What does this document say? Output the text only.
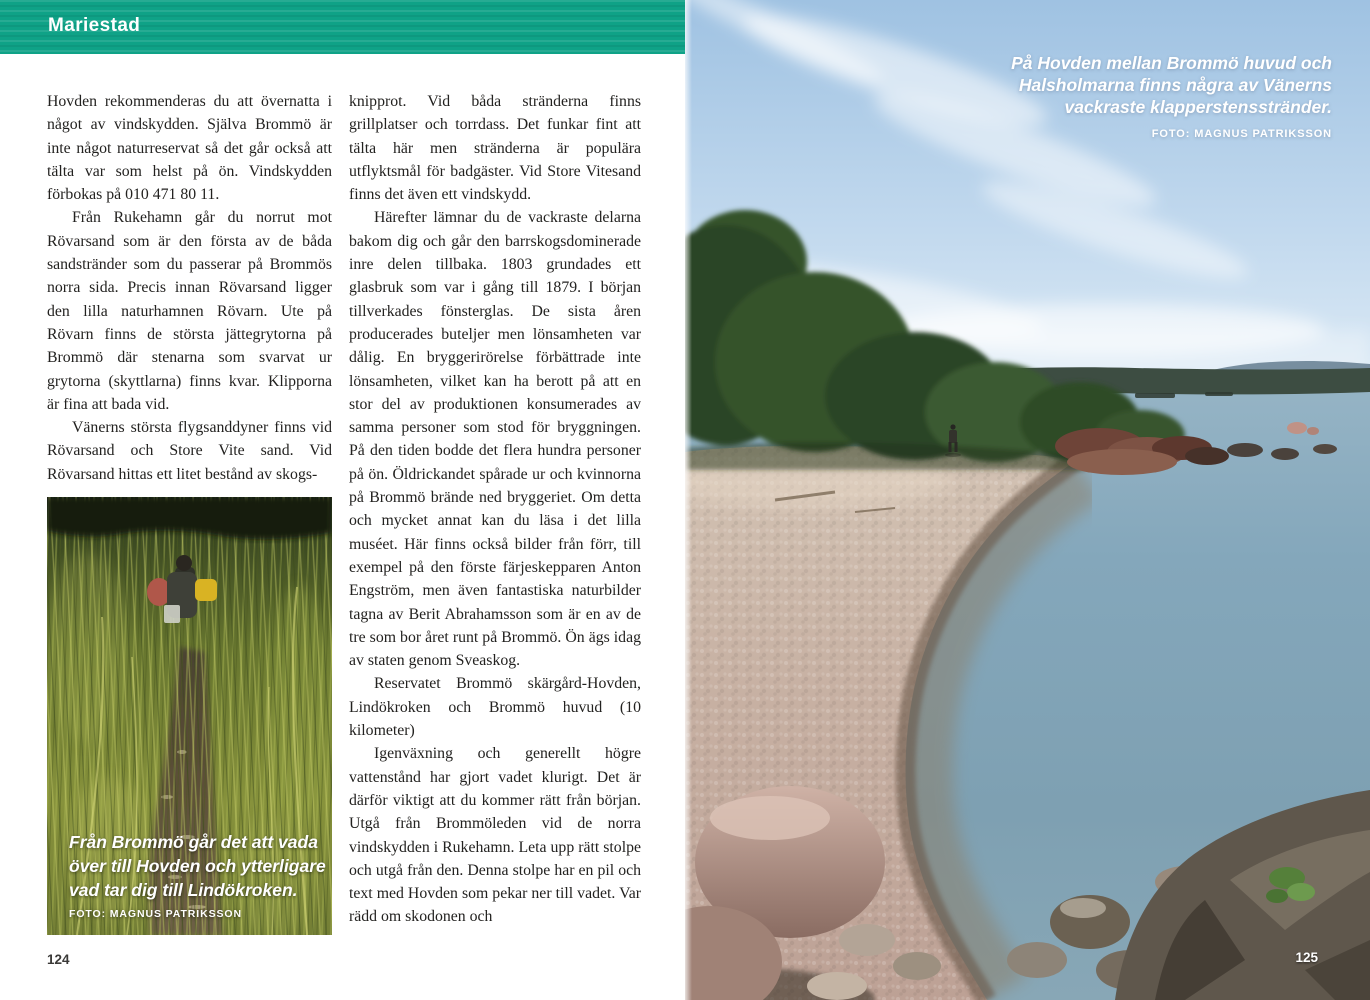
Mariestad

Hovden rekommenderas du att övernatta i något av vindskydden. Själva Brommö är inte något naturreservat så det går också att tälta var som helst på ön. Vindskydden förbokas på 010 471 80 11.

Från Rukehamn går du norrut mot Rövarsand som är den första av de båda sandstränder som du passerar på Brommös norra sida. Precis innan Rövarsand ligger den lilla naturhamnen Rövarn. Ute på Rövarn finns de största jättegrytorna på Brommö där stenarna som svarvat ur grytorna (skyttlarna) finns kvar. Klipporna är fina att bada vid.

Vänerns största flygsanddyner finns vid Rövarsand och Store Vite sand. Vid Rövarsand hittas ett litet bestånd av skogs-

knipprot. Vid båda stränderna finns grillplatser och torrdass. Det funkar fint att tälta här men stränderna är populära utflyktsmål för badgäster. Vid Store Vitesand finns det även ett vindskydd.

Härefter lämnar du de vackraste delarna bakom dig och går den barrskogsdominerade inre delen tillbaka. 1803 grundades ett glasbruk som var i gång till 1879. I början tillverkades fönsterglas. De sista åren producerades buteljer men lönsamheten var dålig. En bryggerirörelse förbättrade inte lönsamheten, vilket kan ha berott på att en stor del av produktionen konsumerades av samma personer som stod för bryggningen. På den tiden bodde det flera hundra personer på ön. Öldrickandet spårade ur och kvinnorna på Brommö brände ned bryggeriet. Om detta och mycket annat kan du läsa i det lilla muséet. Här finns också bilder från förr, till exempel på den förste färjeskepparen Anton Engström, men även fantastiska naturbilder tagna av Berit Abrahamsson som är en av de tre som bor året runt på Brommö. Ön ägs idag av staten genom Sveaskog.

Reservatet Brommö skärgård-Hovden, Lindökroken och Brommö huvud (10 kilometer)

Igenväxning och generellt högre vattenstånd har gjort vadet klurigt. Det är därför viktigt att du kommer rätt från början. Utgå från Brommöleden vid de norra vindskydden i Rukehamn. Leta upp rätt stolpe och utgå från den. Denna stolpe har en pil och text med Hovden som pekar ner till vadet. Var rädd om skodonen och

Från Brommö går det att vada
över till Hovden och ytterligare
vad tar dig till Lindökroken.
FOTO: MAGNUS PATRIKSSON
124
På Hovden mellan Brommö huvud och
Halsholmarna finns några av Vänerns
vackraste klapperstensstränder.
FOTO: MAGNUS PATRIKSSON
125
